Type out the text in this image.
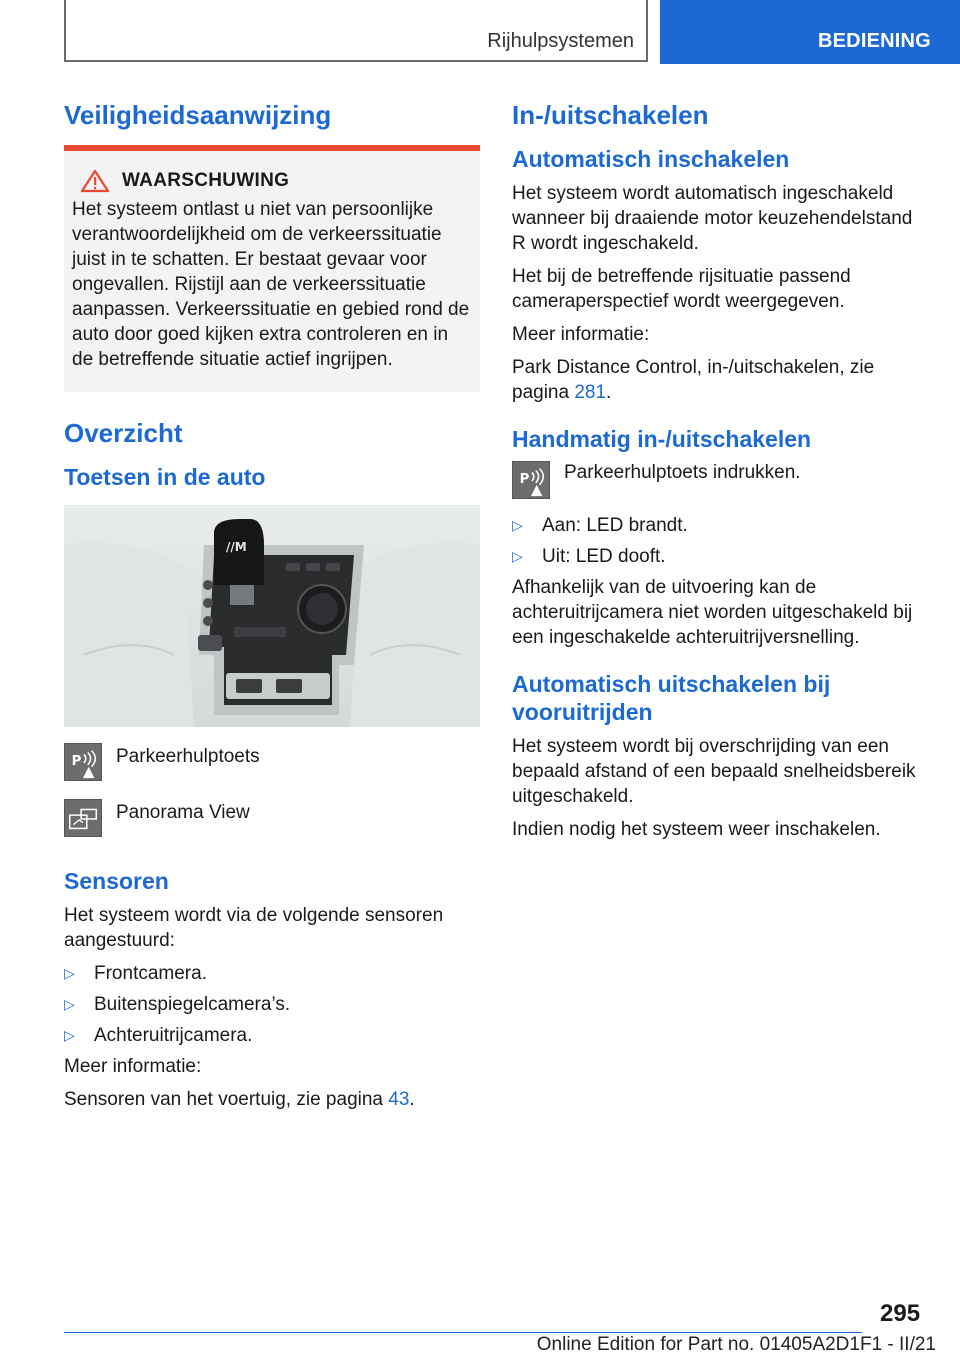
Rijhulpsystemen	BEDIENING
Veiligheidsaanwijzing
WAARSCHUWING

Het systeem ontlast u niet van persoonlijke verantwoordelijkheid om de verkeerssituatie juist in te schatten. Er bestaat gevaar voor ongevallen. Rijstijl aan de verkeerssituatie aanpassen. Verkeerssituatie en gebied rond de auto door goed kijken extra controleren en in de betreffende situatie actief ingrijpen.

Overzicht
Toetsen in de auto
//M
P Parkeerhulptoets
Panorama View
Sensoren

Het systeem wordt via de volgende sensoren aangestuurd:

▷	Frontcamera.
▷	Buitenspiegelcamera’s.
▷	Achteruitrijcamera.

Meer informatie:

Sensoren van het voertuig, zie pagina 43.

In-/uitschakelen
Automatisch inschakelen

Het systeem wordt automatisch ingeschakeld wanneer bij draaiende motor keuzehendelstand R wordt ingeschakeld.

Het bij de betreffende rijsituatie passend cameraperspectief wordt weergegeven.

Meer informatie:

Park Distance Control, in-/uitschakelen, zie pagina 281.

Handmatig in-/uitschakelen
P Parkeerhulptoets indrukken.
▷	Aan: LED brandt.
▷	Uit: LED dooft.

Afhankelijk van de uitvoering kan de achteruitrijcamera niet worden uitgeschakeld bij een ingeschakelde achteruitrijversnelling.

Automatisch uitschakelen bij vooruitrijden

Het systeem wordt bij overschrijding van een bepaald afstand of een bepaald snelheidsbereik uitgeschakeld.

Indien nodig het systeem weer inschakelen.

295
Online Edition for Part no. 01405A2D1F1 - II/21
